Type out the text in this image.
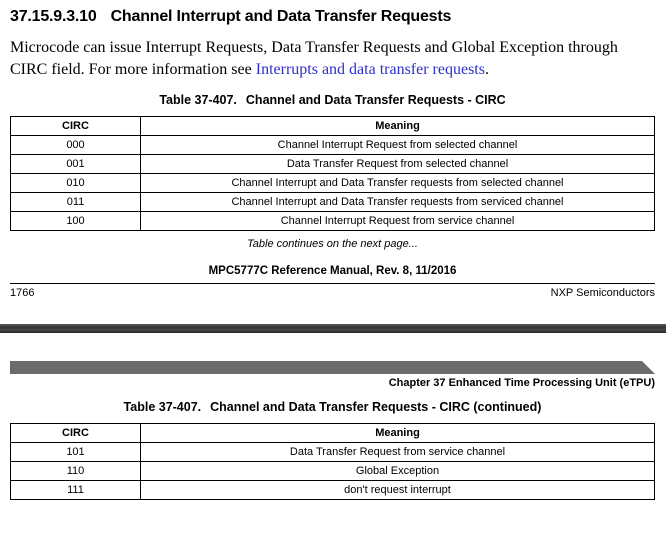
37.15.9.3.10 Channel Interrupt and Data Transfer Requests
Microcode can issue Interrupt Requests, Data Transfer Requests and Global Exception through CIRC field. For more information see Interrupts and data transfer requests.
Table 37-407. Channel and Data Transfer Requests - CIRC
CIRC	Meaning
000	Channel Interrupt Request from selected channel
001	Data Transfer Request from selected channel
010	Channel Interrupt and Data Transfer requests from selected channel
011	Channel Interrupt and Data Transfer requests from serviced channel
100	Channel Interrupt Request from service channel
Table continues on the next page...
MPC5777C Reference Manual, Rev. 8, 11/2016
1766	NXP Semiconductors
Chapter 37 Enhanced Time Processing Unit (eTPU)
Table 37-407. Channel and Data Transfer Requests - CIRC (continued)
CIRC	Meaning
101	Data Transfer Request from service channel
110	Global Exception
111	don't request interrupt
